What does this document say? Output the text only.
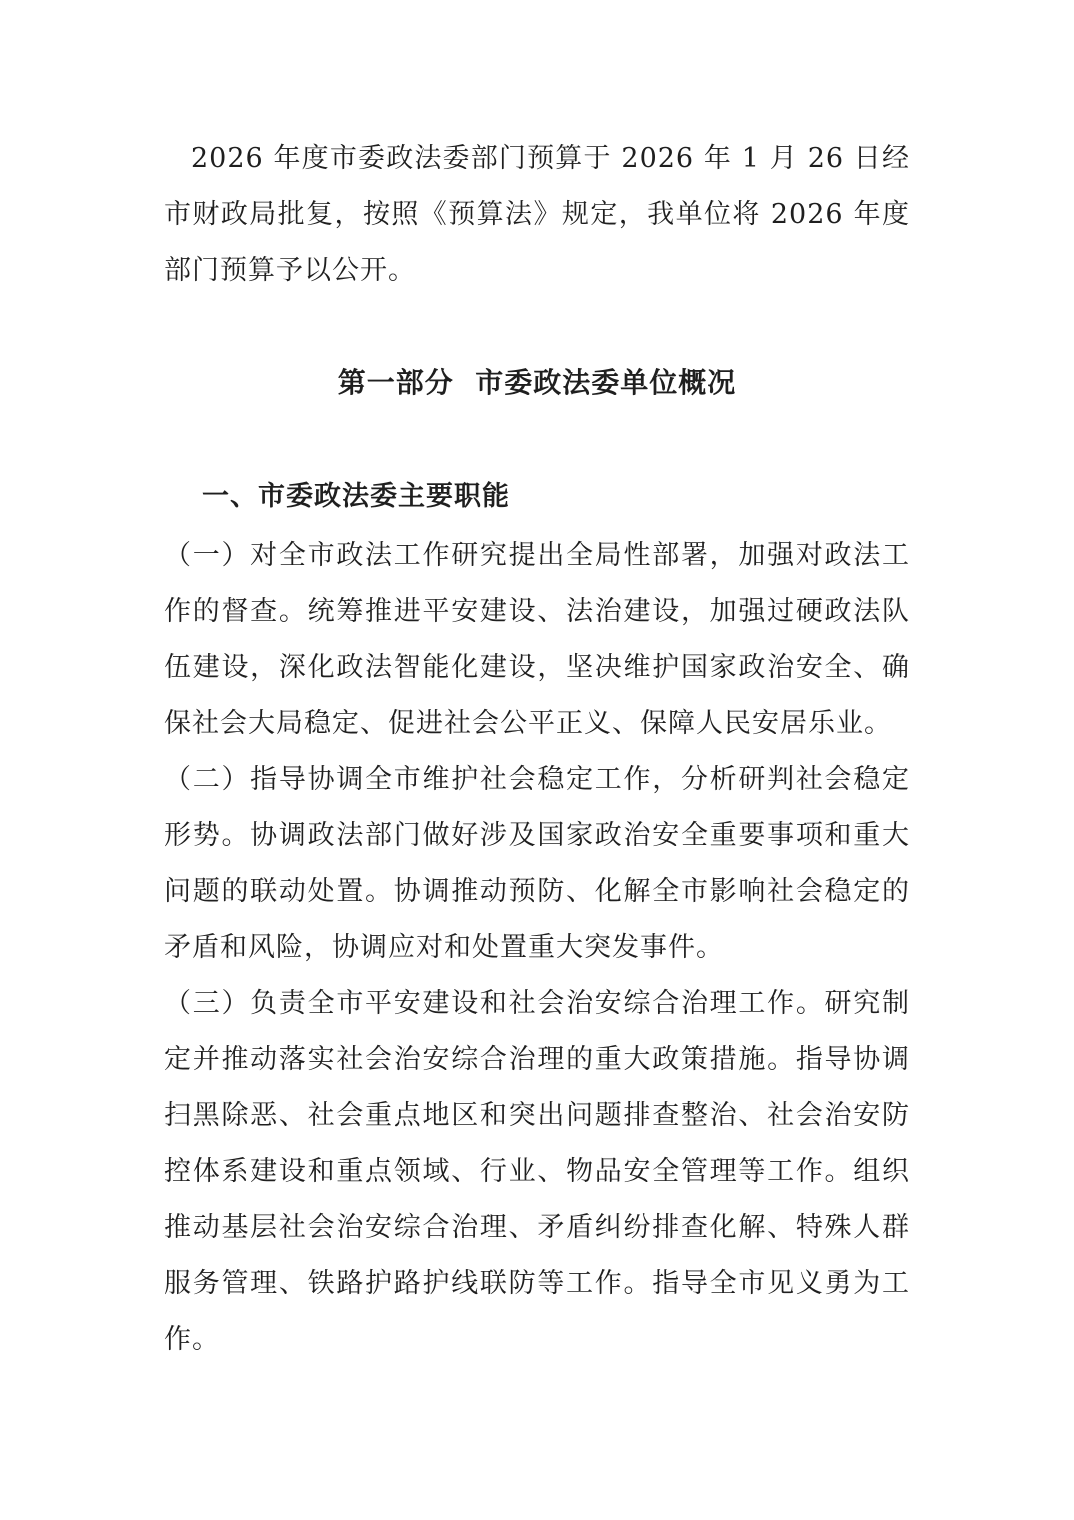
2026 年度市委政法委部门预算于 2026 年 1 月 26 日经市财政局批复，按照《预算法》规定，我单位将 2026 年度部门预算予以公开。

第一部分  市委政法委单位概况
一、市委政法委主要职能

（一）对全市政法工作研究提出全局性部署，加强对政法工作的督查。统筹推进平安建设、法治建设，加强过硬政法队伍建设，深化政法智能化建设，坚决维护国家政治安全、确保社会大局稳定、促进社会公平正义、保障人民安居乐业。

（二）指导协调全市维护社会稳定工作，分析研判社会稳定形势。协调政法部门做好涉及国家政治安全重要事项和重大问题的联动处置。协调推动预防、化解全市影响社会稳定的矛盾和风险，协调应对和处置重大突发事件。

（三）负责全市平安建设和社会治安综合治理工作。研究制定并推动落实社会治安综合治理的重大政策措施。指导协调扫黑除恶、社会重点地区和突出问题排查整治、社会治安防控体系建设和重点领域、行业、物品安全管理等工作。组织推动基层社会治安综合治理、矛盾纠纷排查化解、特殊人群服务管理、铁路护路护线联防等工作。指导全市见义勇为工作。
